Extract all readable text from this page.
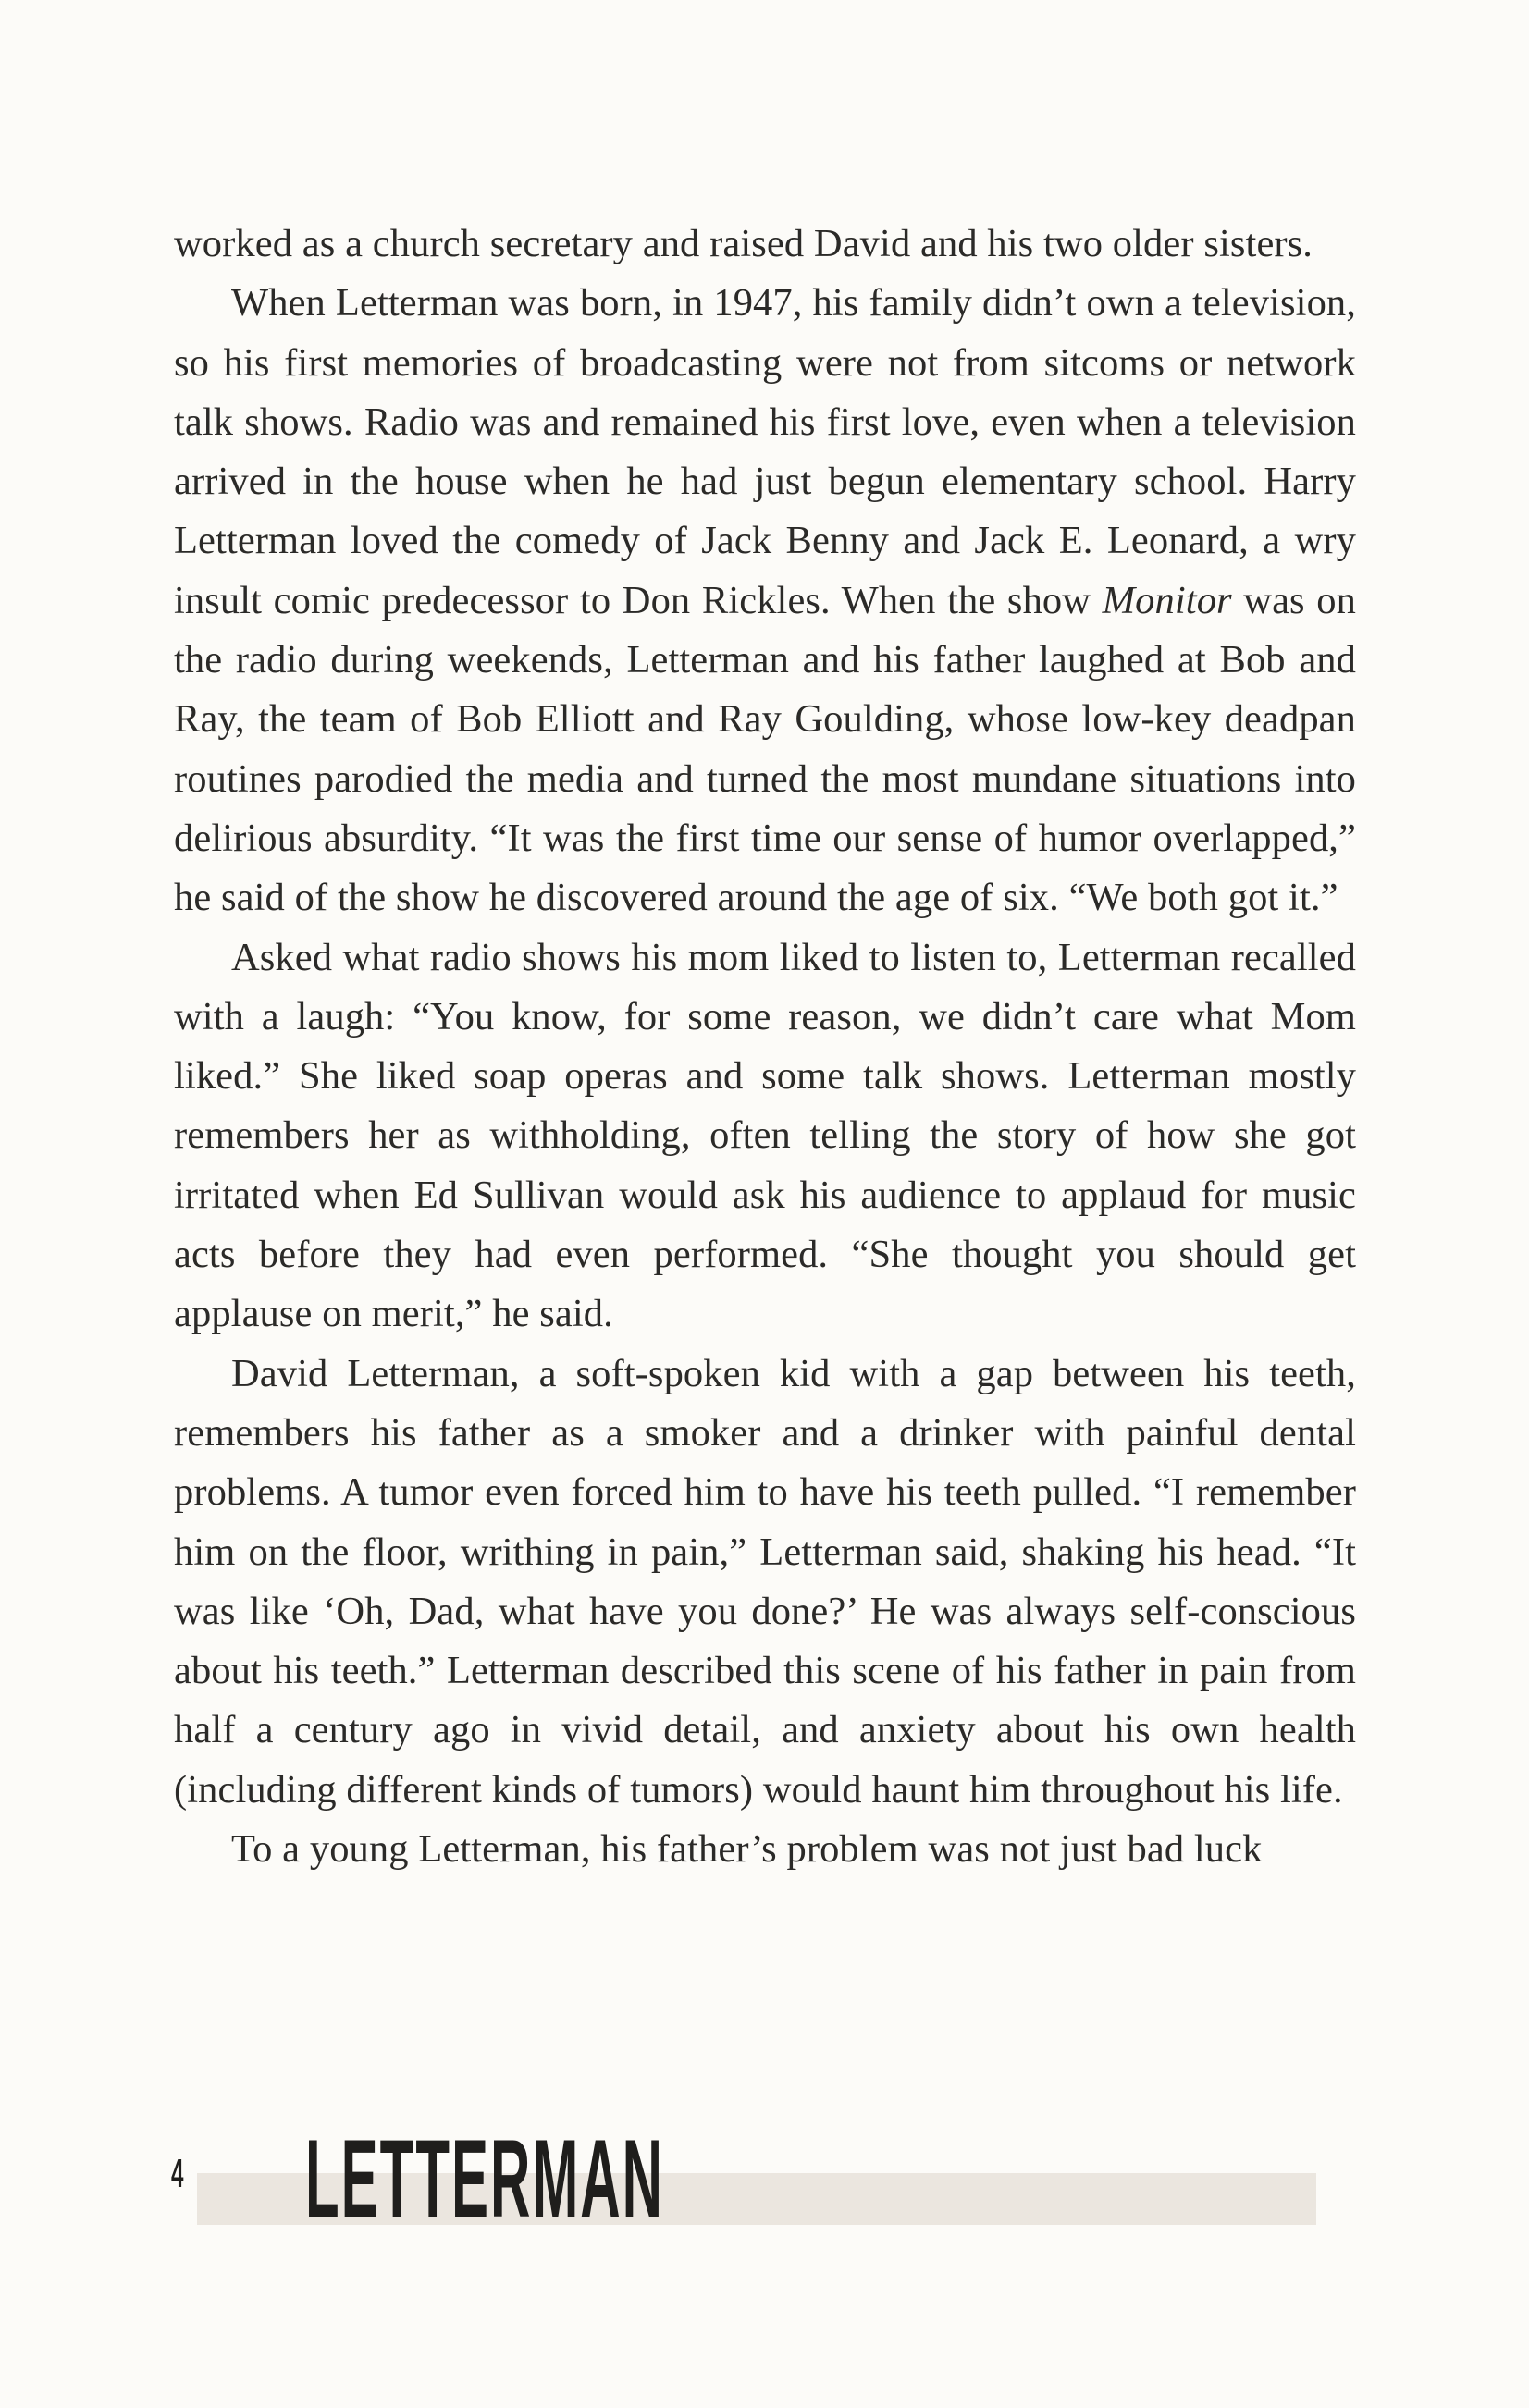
worked as a church secretary and raised David and his two older sisters.

When Letterman was born, in 1947, his family didn’t own a television, so his first memories of broadcasting were not from sitcoms or network talk shows. Radio was and remained his first love, even when a television arrived in the house when he had just begun elementary school. Harry Letterman loved the comedy of Jack Benny and Jack E. Leonard, a wry insult comic predecessor to Don Rickles. When the show Monitor was on the radio during weekends, Letterman and his father laughed at Bob and Ray, the team of Bob Elliott and Ray Goulding, whose low-key deadpan routines parodied the media and turned the most mundane situations into delirious absurdity. “It was the first time our sense of humor overlapped,” he said of the show he discovered around the age of six. “We both got it.”

Asked what radio shows his mom liked to listen to, Letterman recalled with a laugh: “You know, for some reason, we didn’t care what Mom liked.” She liked soap operas and some talk shows. Letterman mostly remembers her as withholding, often telling the story of how she got irritated when Ed Sullivan would ask his audience to applaud for music acts before they had even performed. “She thought you should get applause on merit,” he said.

David Letterman, a soft-spoken kid with a gap between his teeth, remembers his father as a smoker and a drinker with painful dental problems. A tumor even forced him to have his teeth pulled. “I remember him on the floor, writhing in pain,” Letterman said, shaking his head. “It was like ‘Oh, Dad, what have you done?’ He was always self-conscious about his teeth.” Letterman described this scene of his father in pain from half a century ago in vivid detail, and anxiety about his own health (including different kinds of tumors) would haunt him throughout his life.

To a young Letterman, his father’s problem was not just bad luck

4 LETTERMAN
